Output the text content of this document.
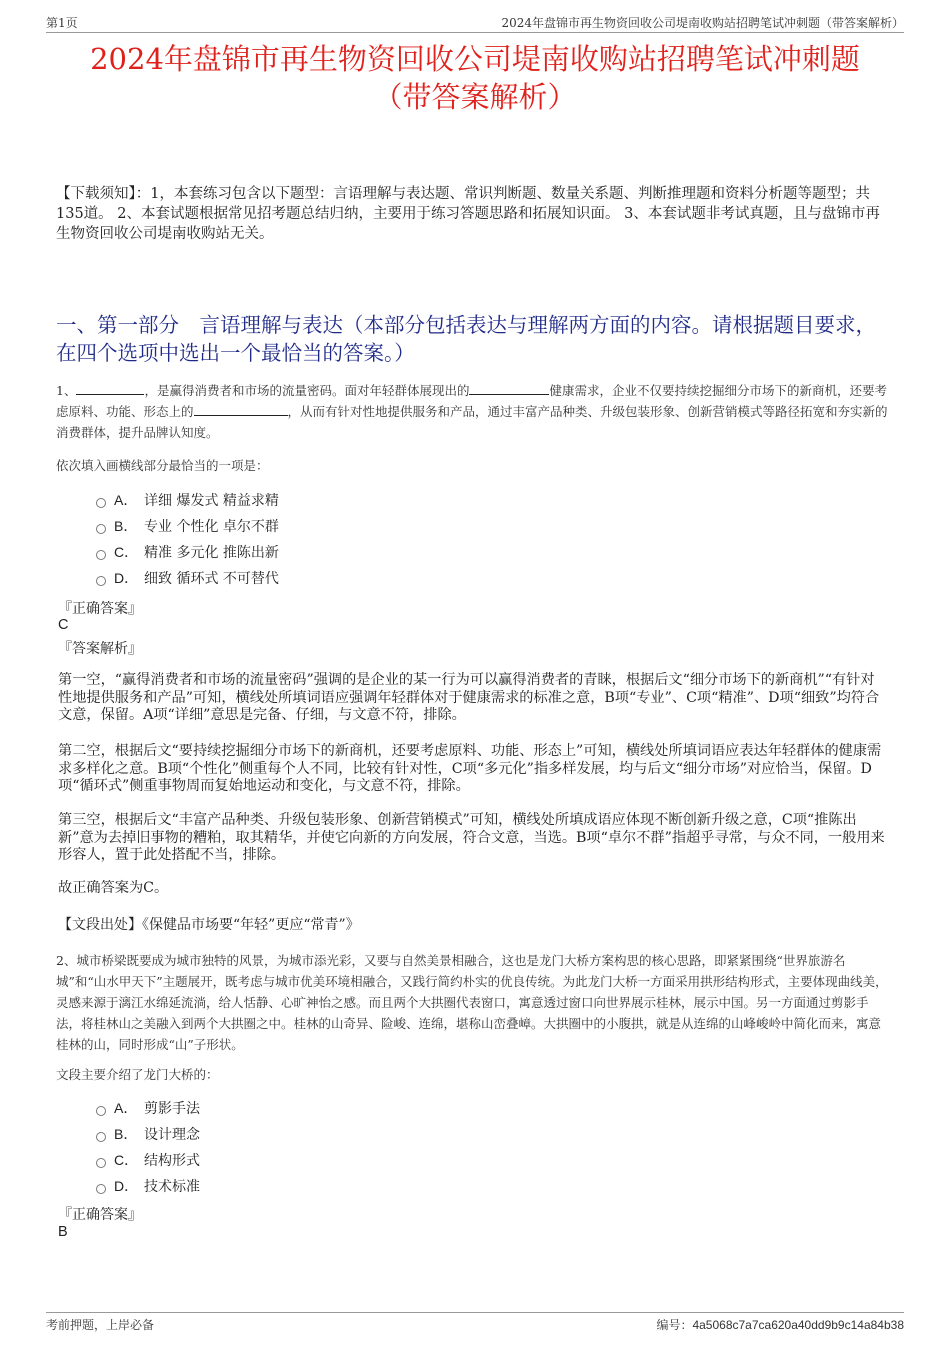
第1页	2024年盘锦市再生物资回收公司堤南收购站招聘笔试冲刺题（带答案解析）
2024年盘锦市再生物资回收公司堤南收购站招聘笔试冲刺题
（带答案解析）
【下载须知】：1，本套练习包含以下题型：言语理解与表达题、常识判断题、数量关系题、判断推理题和资料分析题等题型；共135道。 2、本套试题根据常见招考题总结归纳，主要用于练习答题思路和拓展知识面。 3、本套试题非考试真题，且与盘锦市再生物资回收公司堤南收购站无关。
一、第一部分　言语理解与表达（本部分包括表达与理解两方面的内容。请根据题目要求，在四个选项中选出一个最恰当的答案。）
1、	，是赢得消费者和市场的流量密码。面对年轻群体展现出的	健康需求，企业不仅要持续挖掘细分市场下的新商机，还要考虑原料、功能、形态上的	，从而有针对性地提供服务和产品，通过丰富产品种类、升级包装形象、创新营销模式等路径拓宽和夯实新的消费群体，提升品牌认知度。
依次填入画横线部分最恰当的一项是：
A． 详细 爆发式 精益求精
B． 专业 个性化 卓尔不群
C． 精准 多元化 推陈出新
D． 细致 循环式 不可替代
『正确答案』
C
『答案解析』
第一空，“赢得消费者和市场的流量密码”强调的是企业的某一行为可以赢得消费者的青睐，根据后文“细分市场下的新商机”“有针对性地提供服务和产品”可知，横线处所填词语应强调年轻群体对于健康需求的标准之意，B项“专业”、C项“精准”、D项“细致”均符合文意，保留。A项“详细”意思是完备、仔细，与文意不符，排除。
第二空，根据后文“要持续挖掘细分市场下的新商机，还要考虑原料、功能、形态上”可知，横线处所填词语应表达年轻群体的健康需求多样化之意。B项“个性化”侧重每个人不同，比较有针对性，C项“多元化”指多样发展，均与后文“细分市场”对应恰当，保留。D项“循环式”侧重事物周而复始地运动和变化，与文意不符，排除。
第三空，根据后文“丰富产品种类、升级包装形象、创新营销模式”可知，横线处所填成语应体现不断创新升级之意，C项“推陈出新”意为去掉旧事物的糟粕，取其精华，并使它向新的方向发展，符合文意，当选。B项“卓尔不群”指超乎寻常，与众不同，一般用来形容人，置于此处搭配不当，排除。
故正确答案为C。
【文段出处】《保健品市场要“年轻”更应“常青”》
2、城市桥梁既要成为城市独特的风景，为城市添光彩，又要与自然美景相融合，这也是龙门大桥方案构思的核心思路，即紧紧围绕“世界旅游名城”和“山水甲天下”主题展开，既考虑与城市优美环境相融合，又践行简约朴实的优良传统。为此龙门大桥一方面采用拱形结构形式，主要体现曲线美，灵感来源于漓江水绵延流淌，给人恬静、心旷神怡之感。而且两个大拱圈代表窗口，寓意透过窗口向世界展示桂林，展示中国。另一方面通过剪影手法，将桂林山之美融入到两个大拱圈之中。桂林的山奇异、险峻、连绵，堪称山峦叠嶂。大拱圈中的小腹拱，就是从连绵的山峰峻岭中简化而来，寓意桂林的山，同时形成“山”子形状。
文段主要介绍了龙门大桥的：
A． 剪影手法
B． 设计理念
C． 结构形式
D． 技术标准
『正确答案』
B
考前押题，上岸必备	编号：4a5068c7a7ca620a40dd9b9c14a84b38
